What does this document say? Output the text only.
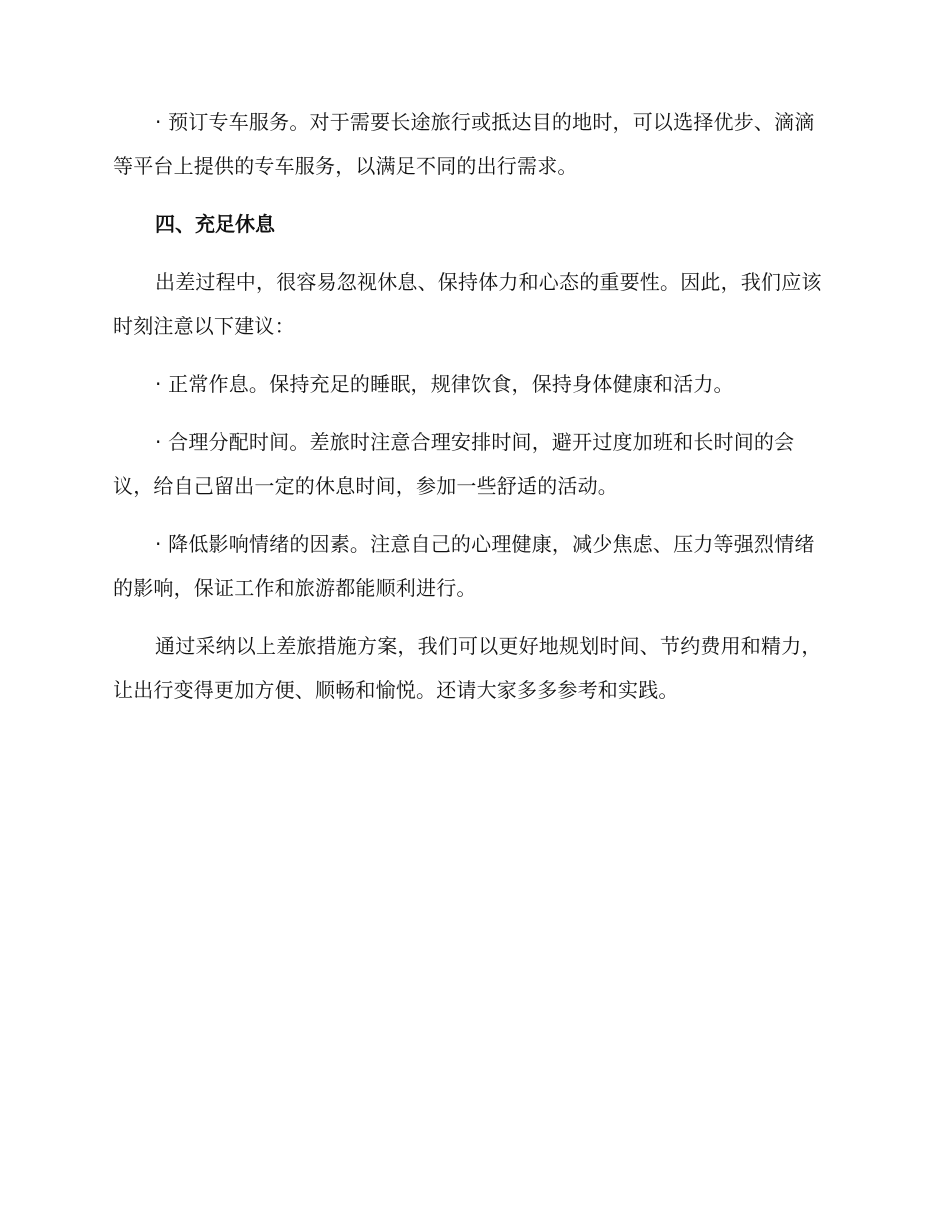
· 预订专车服务。对于需要长途旅行或抵达目的地时，可以选择优步、滴滴等平台上提供的专车服务，以满足不同的出行需求。

四、充足休息

出差过程中，很容易忽视休息、保持体力和心态的重要性。因此，我们应该时刻注意以下建议：

· 正常作息。保持充足的睡眠，规律饮食，保持身体健康和活力。

· 合理分配时间。差旅时注意合理安排时间，避开过度加班和长时间的会议，给自己留出一定的休息时间，参加一些舒适的活动。

· 降低影响情绪的因素。注意自己的心理健康，减少焦虑、压力等强烈情绪的影响，保证工作和旅游都能顺利进行。

通过采纳以上差旅措施方案，我们可以更好地规划时间、节约费用和精力，让出行变得更加方便、顺畅和愉悦。还请大家多多参考和实践。
